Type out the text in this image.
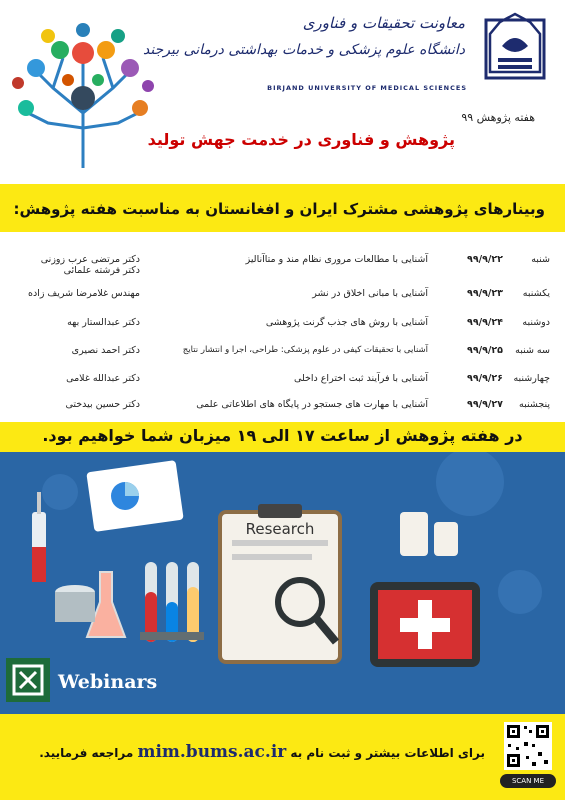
معاونت تحقیقات و فناوری
دانشگاه علوم پزشکی و خدمات بهداشتی درمانی بیرجند
BIRJAND UNIVERSITY OF MEDICAL SCIENCES
هفته پژوهش ۹۹
پژوهش و فناوری در خدمت جهش تولید
وبینارهای پژوهشی مشترک ایران و افغانستان به مناسبت هفته پژوهش:
شنبه
۹۹/۹/۲۲
آشنایی با مطالعات مروری نظام مند و متاآنالیز
دکتر مرتضی عرب زوزنی
دکتر فرشته علمائی
یکشنبه
۹۹/۹/۲۳
آشنایی با مبانی اخلاق در نشر
مهندس غلامرضا شریف زاده
دوشنبه
۹۹/۹/۲۴
آشنایی با روش های جذب گرنت پژوهشی
دکتر عبدالستار بهه
سه شنبه
۹۹/۹/۲۵
آشنایی با تحقیقات کیفی در علوم پزشکی: طراحی، اجرا و انتشار نتایج
دکتر احمد نصیری
چهارشنبه
۹۹/۹/۲۶
آشنایی با فرآیند ثبت اختراع داخلی
دکتر عبدالله غلامی
پنجشنبه
۹۹/۹/۲۷
آشنایی با مهارت های جستجو در پایگاه های اطلاعاتی علمی
دکتر حسین بیدختی
در هفته پژوهش از ساعت ۱۷ الی ۱۹ میزبان شما خواهیم بود.
Research
Webinars
برای اطلاعات بیشتر و ثبت نام به mim.bums.ac.ir مراجعه فرمایید.
SCAN ME
